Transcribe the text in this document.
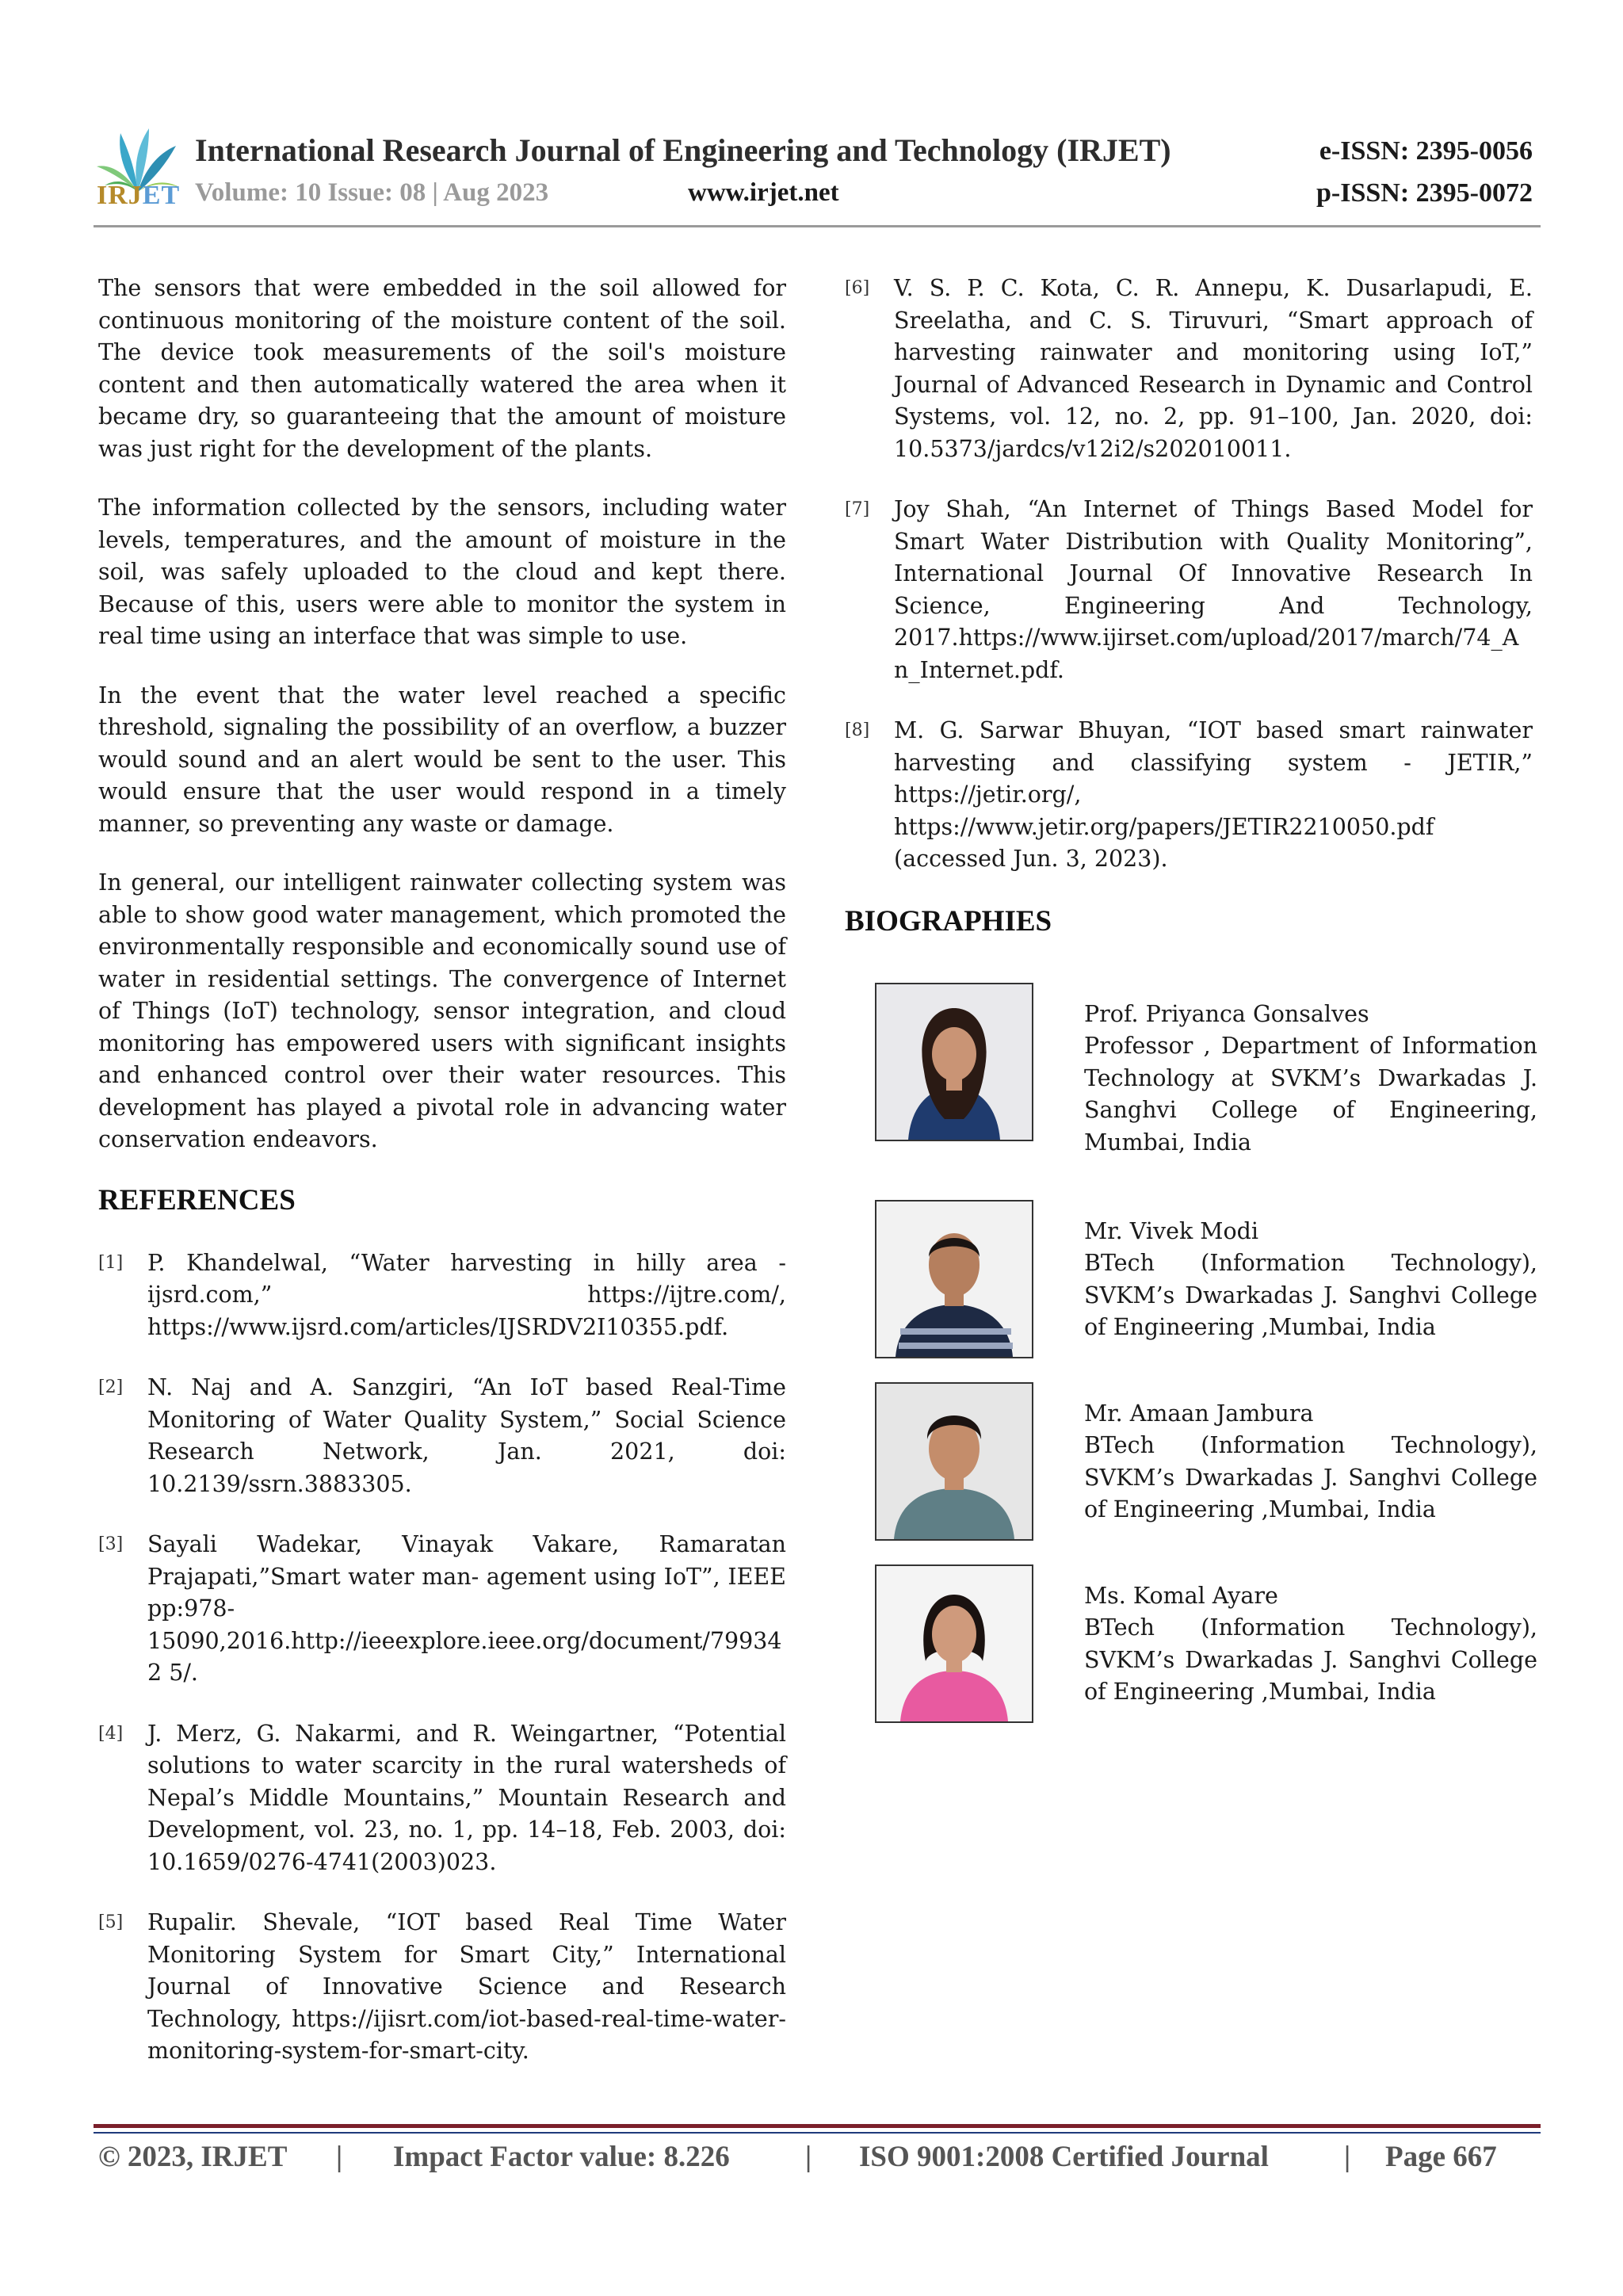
IRJET
International Research Journal of Engineering and Technology (IRJET)	e-ISSN: 2395-0056
Volume: 10 Issue: 08 | Aug 2023	www.irjet.net	p-ISSN: 2395-0072

The sensors that were embedded in the soil allowed for continuous monitoring of the moisture content of the soil. The device took measurements of the soil's moisture content and then automatically watered the area when it became dry, so guaranteeing that the amount of moisture was just right for the development of the plants.

The information collected by the sensors, including water levels, temperatures, and the amount of moisture in the soil, was safely uploaded to the cloud and kept there. Because of this, users were able to monitor the system in real time using an interface that was simple to use.

In the event that the water level reached a specific threshold, signaling the possibility of an overflow, a buzzer would sound and an alert would be sent to the user. This would ensure that the user would respond in a timely manner, so preventing any waste or damage.

In general, our intelligent rainwater collecting system was able to show good water management, which promoted the environmentally responsible and economically sound use of water in residential settings. The convergence of Internet of Things (IoT) technology, sensor integration, and cloud monitoring has empowered users with significant insights and enhanced control over their water resources. This development has played a pivotal role in advancing water conservation endeavors.

REFERENCES
[1] P. Khandelwal, “Water harvesting in hilly area - ijsrd.com,” https://ijtre.com/, https://www.ijsrd.com/articles/IJSRDV2I10355.pdf.
[2] N. Naj and A. Sanzgiri, “An IoT based Real-Time Monitoring of Water Quality System,” Social Science Research Network, Jan. 2021, doi: 10.2139/ssrn.3883305.
[3] Sayali Wadekar, Vinayak Vakare, Ramaratan Prajapati,”Smart water man- agement using IoT”, IEEE pp:978-15090,2016.http://ieeexplore.ieee.org/document/799342 5/.
[4] J. Merz, G. Nakarmi, and R. Weingartner, “Potential solutions to water scarcity in the rural watersheds of Nepal’s Middle Mountains,” Mountain Research and Development, vol. 23, no. 1, pp. 14–18, Feb. 2003, doi: 10.1659/0276-4741(2003)023.
[5] Rupalir. Shevale, “IOT based Real Time Water Monitoring System for Smart City,” International Journal of Innovative Science and Research Technology, https://ijisrt.com/iot-based-real-time-water-monitoring-system-for-smart-city.
[6] V. S. P. C. Kota, C. R. Annepu, K. Dusarlapudi, E. Sreelatha, and C. S. Tiruvuri, “Smart approach of harvesting rainwater and monitoring using IoT,” Journal of Advanced Research in Dynamic and Control Systems, vol. 12, no. 2, pp. 91–100, Jan. 2020, doi: 10.5373/jardcs/v12i2/s202010011.
[7] Joy Shah, “An Internet of Things Based Model for Smart Water Distribution with Quality Monitoring”, International Journal Of Innovative Research In Science, Engineering And Technology, 2017.https://www.ijirset.com/upload/2017/march/74_An_Internet.pdf.
[8] M. G. Sarwar Bhuyan, “IOT based smart rainwater harvesting and classifying system - JETIR,” https://jetir.org/, https://www.jetir.org/papers/JETIR2210050.pdf (accessed Jun. 3, 2023).
BIOGRAPHIES
Prof. Priyanca Gonsalves
Professor , Department of Information Technology at SVKM’s Dwarkadas J. Sanghvi College of Engineering, Mumbai, India
Mr. Vivek Modi
BTech (Information Technology), SVKM’s Dwarkadas J. Sanghvi College of Engineering ,Mumbai, India
Mr. Amaan Jambura
BTech (Information Technology), SVKM’s Dwarkadas J. Sanghvi College of Engineering ,Mumbai, India
Ms. Komal Ayare
BTech (Information Technology), SVKM’s Dwarkadas J. Sanghvi College of Engineering ,Mumbai, India
© 2023, IRJET | Impact Factor value: 8.226	| ISO 9001:2008 Certified Journal	| Page 667
